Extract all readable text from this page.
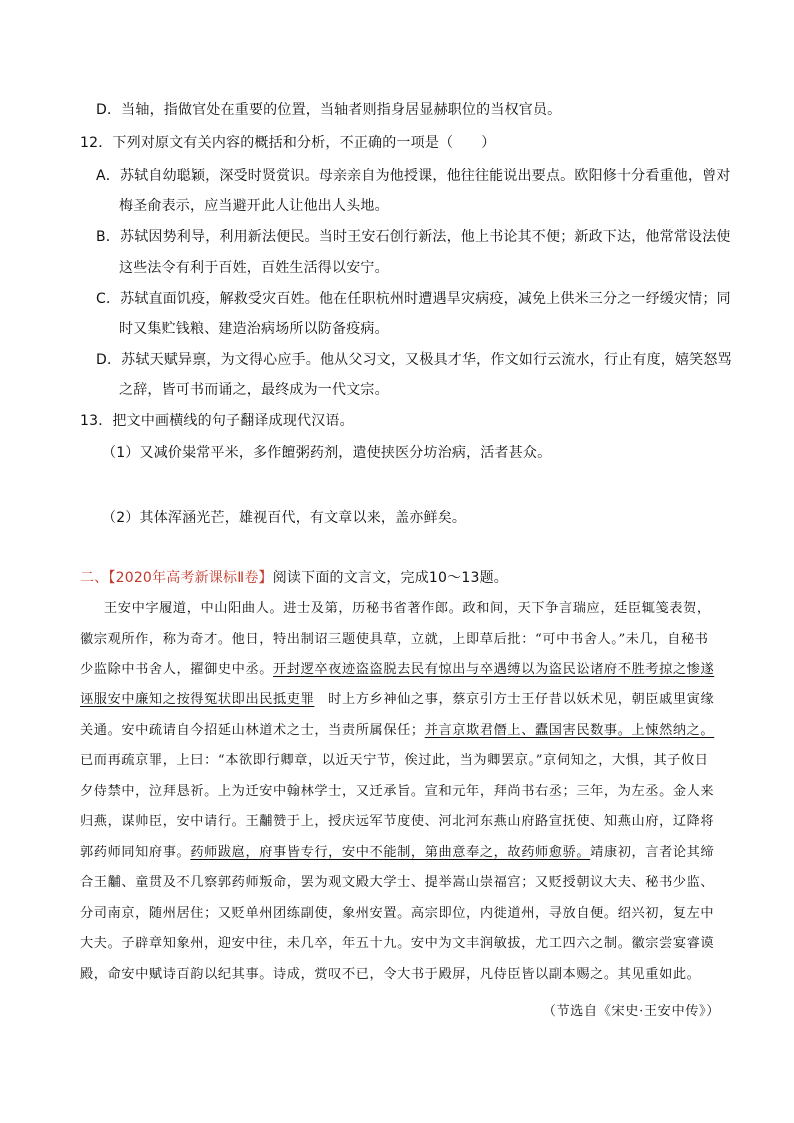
D．当轴，指做官处在重要的位置，当轴者则指身居显赫职位的当权官员。
12．下列对原文有关内容的概括和分析，不正确的一项是（ ）
A．苏轼自幼聪颖，深受时贤赏识。母亲亲自为他授课，他往往能说出要点。欧阳修十分看重他，曾对
梅圣俞表示，应当避开此人让他出人头地。
B．苏轼因势利导，利用新法便民。当时王安石创行新法，他上书论其不便；新政下达，他常常设法使
这些法令有利于百姓，百姓生活得以安宁。
C．苏轼直面饥疫，解救受灾百姓。他在任职杭州时遭遇旱灾病疫，减免上供米三分之一纾缓灾情；同
时又集贮钱粮、建造治病场所以防备疫病。
D．苏轼天赋异禀，为文得心应手。他从父习文，又极具才华，作文如行云流水，行止有度，嬉笑怒骂
之辞，皆可书而诵之，最终成为一代文宗。
13．把文中画横线的句子翻译成现代汉语。
（1）又减价粜常平米，多作饘粥药剂，遣使挟医分坊治病，活者甚众。
（2）其体浑涵光芒，雄视百代，有文章以来，盖亦鲜矣。
二、【2020年高考新课标Ⅱ卷】阅读下面的文言文，完成10～13题。
王安中字履道，中山阳曲人。进士及第，历秘书省著作郎。政和间，天下争言瑞应，廷臣辄笺表贺，
徽宗观所作，称为奇才。他日，特出制诏三题使具草，立就，上即草后批：“可中书舍人。”未几，自秘书
少监除中书舍人，擢御史中丞。开封逻卒夜迹盗盗脱去民有惊出与卒遇缚以为盗民讼诸府不胜考掠之惨遂
诬服安中廉知之按得冤状即出民抵吏罪　时上方乡神仙之事，蔡京引方士王仔昔以妖术见，朝臣戚里寅缘
关通。安中疏请自今招延山林道术之士，当责所属保任；并言京欺君僭上、蠹国害民数事。上悚然纳之。
已而再疏京罪，上曰：“本欲即行卿章，以近天宁节，俟过此，当为卿罢京。”京伺知之，大惧，其子攸日
夕侍禁中，泣拜恳祈。上为迁安中翰林学士，又迁承旨。宣和元年，拜尚书右丞；三年，为左丞。金人来
归燕，谋帅臣，安中请行。王黼赞于上，授庆远军节度使、河北河东燕山府路宣抚使、知燕山府，辽降将
郭药师同知府事。药师跋扈，府事皆专行，安中不能制，第曲意奉之，故药师愈骄。靖康初，言者论其缔
合王黼、童贯及不几察郭药师叛命，罢为观文殿大学士、提举嵩山崇福宫；又贬授朝议大夫、秘书少监、
分司南京，随州居住；又贬单州团练副使，象州安置。高宗即位，内徙道州，寻放自便。绍兴初，复左中
大夫。子辟章知象州，迎安中往，未几卒，年五十九。安中为文丰润敏拔，尤工四六之制。徽宗尝宴睿谟
殿，命安中赋诗百韵以纪其事。诗成，赏叹不已，令大书于殿屏，凡侍臣皆以副本赐之。其见重如此。
（节选自《宋史·王安中传》）
